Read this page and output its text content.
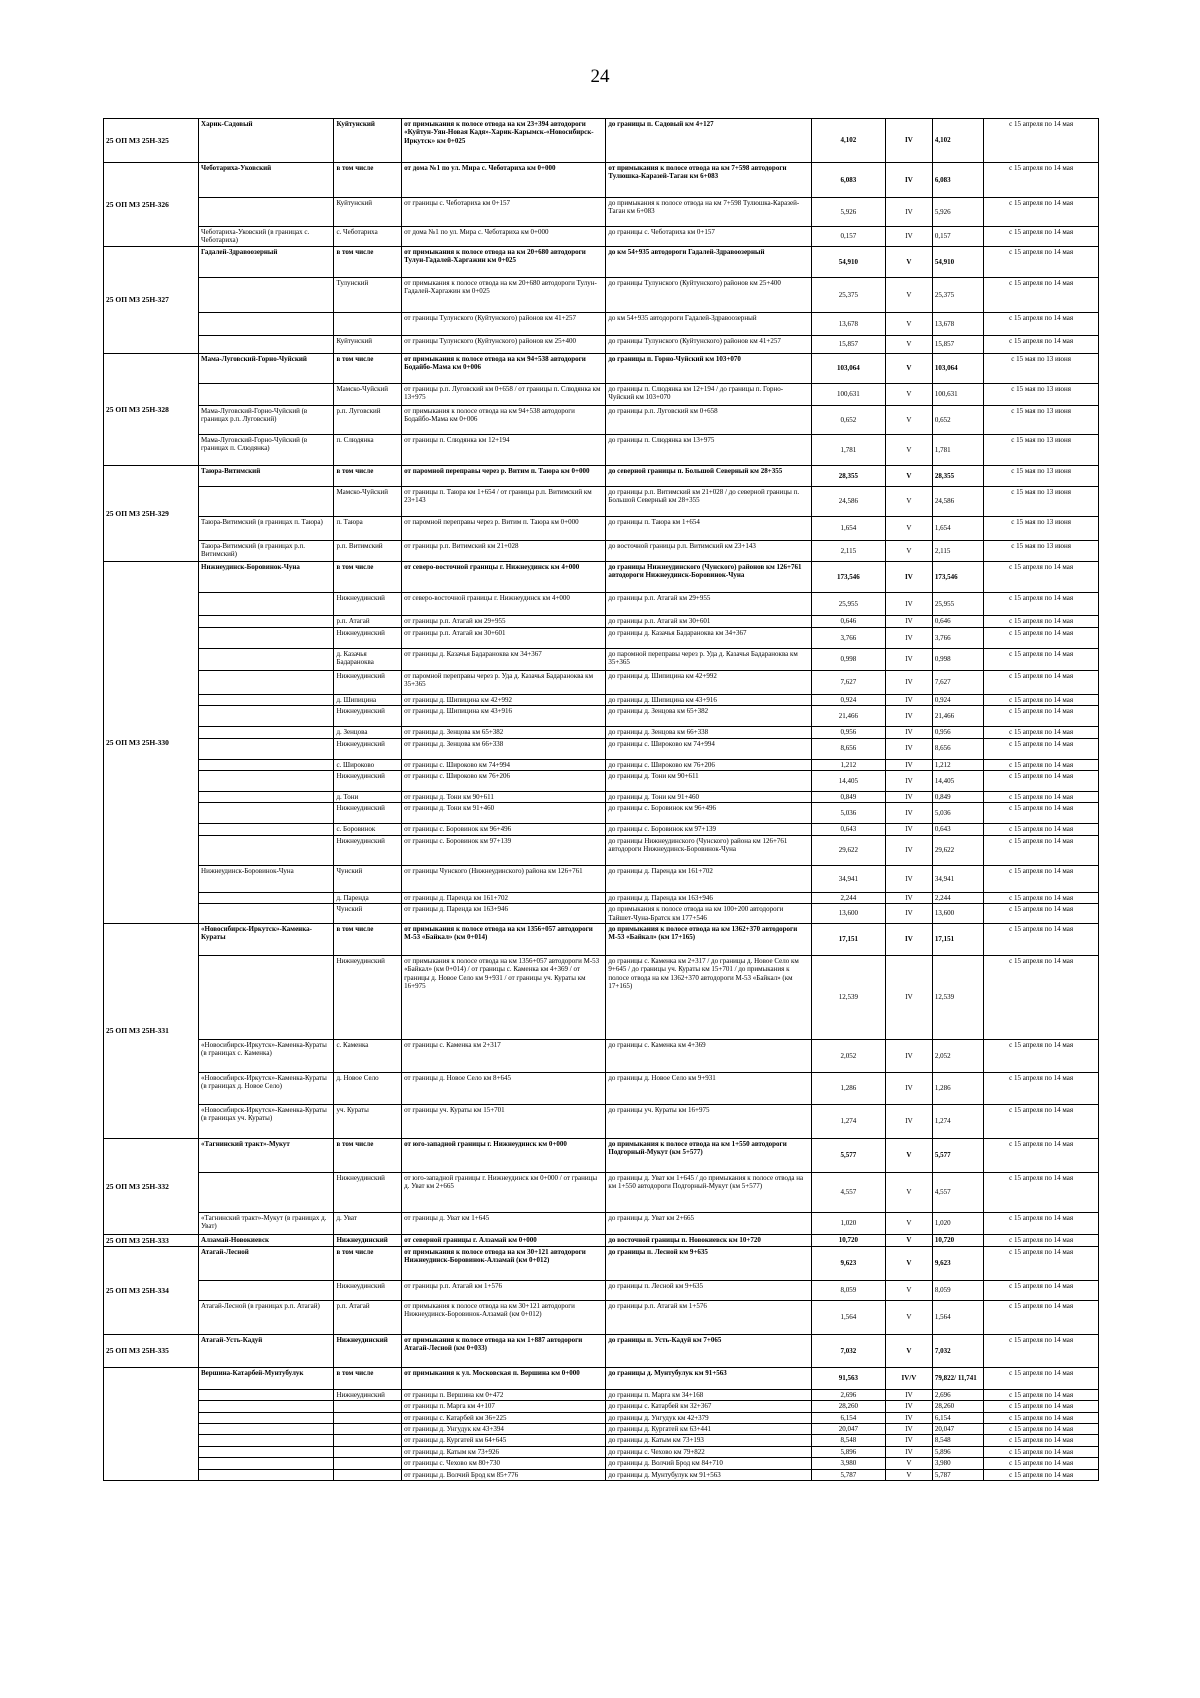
24
25 ОП МЗ 25Н-325	Харик-Садовый	Куйтунский	от примыкания к полосе отвода на км 23+394 автодороги «Куйтун-Уян-Новая Кадя»-Харик-Карымск-«Новосибирск-Иркутск» км 0+025	до границы п. Садовый км 4+127	4,102	IV	4,102	с 15 апреля по 14 мая
25 ОП МЗ 25Н-326	Чеботариха-Уковский	в том числе	от дома №1 по ул. Мира с. Чеботариха км 0+000	от примыкания к полосе отвода на км 7+598 автодороги Тулюшка-Каразей-Таган км 6+083	6,083	IV	6,083	с 15 апреля по 14 мая
		Куйтунский	от границы с. Чеботариха км 0+157	до примыкания к полосе отвода на км 7+598 Тулюшка-Каразей-Таган км 6+083	5,926	IV	5,926	с 15 апреля по 14 мая
	Чеботариха-Уковский (в границах с. Чеботариха)	с. Чеботариха	от дома №1 по ул. Мира с. Чеботариха км 0+000	до границы с. Чеботариха км 0+157	0,157	IV	0,157	с 15 апреля по 14 мая
25 ОП МЗ 25Н-327	Гадалей-Здравоозерный	в том числе	от примыкания к полосе отвода на км 20+680 автодороги Тулун-Гадалей-Харгажин км 0+025	до км 54+935 автодороги Гадалей-Здравоозерный	54,910	V	54,910	с 15 апреля по 14 мая
		Тулунский	от примыкания к полосе отвода на км 20+680 автодороги Тулун-Гадалей-Харгажин км 0+025	до границы Тулунского (Куйтунского) районов км 25+400	25,375	V	25,375	с 15 апреля по 14 мая
			от границы Тулунского (Куйтунского) районов км 41+257	до км 54+935 автодороги Гадалей-Здравоозерный	13,678	V	13,678	с 15 апреля по 14 мая
		Куйтунский	от границы Тулунского (Куйтунского) районов км 25+400	до границы Тулунского (Куйтунского) районов км 41+257	15,857	V	15,857	с 15 апреля по 14 мая
25 ОП МЗ 25Н-328	Мама-Луговский-Горно-Чуйский	в том числе	от примыкания к полосе отвода на км 94+538 автодороги Бодайбо-Мама км 0+006	до границы п. Горно-Чуйский км 103+070	103,064	V	103,064	с 15 мая по 13 июня
		Мамско-Чуйский	от границы р.п. Луговский км 0+658 / от границы п. Слюдянка км 13+975	до границы п. Слюдянка км 12+194 / до границы п. Горно-Чуйский км 103+070	100,631	V	100,631	с 15 мая по 13 июня
	Мама-Луговский-Горно-Чуйский (в границах р.п. Луговский)	р.п. Луговский	от примыкания к полосе отвода на км 94+538 автодороги Бодайбо-Мама км 0+006	до границы р.п. Луговский км 0+658	0,652	V	0,652	с 15 мая по 13 июня
	Мама-Луговский-Горно-Чуйский (в границах п. Слюдянка)	п. Слюдянка	от границы п. Слюдянка км 12+194	до границы п. Слюдянка км 13+975	1,781	V	1,781	с 15 мая по 13 июня
25 ОП МЗ 25Н-329	Таюра-Витимский	в том числе	от паромной переправы через р. Витим п. Таюра км 0+000	до северной границы п. Большой Северный км 28+355	28,355	V	28,355	с 15 мая по 13 июня
		Мамско-Чуйский	от границы п. Таюра км 1+654 / от границы р.п. Витимский км 23+143	до границы р.п. Витимский км 21+028 / до северной границы п. Большой Северный км 28+355	24,586	V	24,586	с 15 мая по 13 июня
	Таюра-Витимский (в границах п. Таюра)	п. Таюра	от паромной переправы через р. Витим п. Таюра км 0+000	до границы п. Таюра км 1+654	1,654	V	1,654	с 15 мая по 13 июня
	Таюра-Витимский (в границах р.п. Витимский)	р.п. Витимский	от границы р.п. Витимский км 21+028	до восточной границы р.п. Витимский км 23+143	2,115	V	2,115	с 15 мая по 13 июня
25 ОП МЗ 25Н-330	Нижнеудинск-Боровинок-Чуна	в том числе	от северо-восточной границы г. Нижнеудинск км 4+000	до границы Нижнеудинского (Чунского) районов км 126+761 автодороги Нижнеудинск-Боровинок-Чуна	173,546	IV	173,546	с 15 апреля по 14 мая
		Нижнеудинский	от северо-восточной границы г. Нижнеудинск км 4+000	до границы р.п. Атагай км 29+955	25,955	IV	25,955	с 15 апреля по 14 мая
		р.п. Атагай	от границы р.п. Атагай км 29+955	до границы р.п. Атагай км 30+601	0,646	IV	0,646	с 15 апреля по 14 мая
		Нижнеудинский	от границы р.п. Атагай км 30+601	до границы д. Казачья Бадараноква км 34+367	3,766	IV	3,766	с 15 апреля по 14 мая
		д. Казачья Бадараноква	от границы д. Казачья Бадараноква км 34+367	до паромной переправы через р. Уда д. Казачья Бадараноква км 35+365	0,998	IV	0,998	с 15 апреля по 14 мая
		Нижнеудинский	от паромной переправы через р. Уда д. Казачья Бадараноква км 35+365	до границы д. Шипицина км 42+992	7,627	IV	7,627	с 15 апреля по 14 мая
		д. Шипицина	от границы д. Шипицина км 42+992	до границы д. Шипицина км 43+916	0,924	IV	0,924	с 15 апреля по 14 мая
		Нижнеудинский	от границы д. Шипицина км 43+916	до границы д. Зенцова км 65+382	21,466	IV	21,466	с 15 апреля по 14 мая
		д. Зенцова	от границы д. Зенцова км 65+382	до границы д. Зенцова км 66+338	0,956	IV	0,956	с 15 апреля по 14 мая
		Нижнеудинский	от границы д. Зенцова км 66+338	до границы с. Широково км 74+994	8,656	IV	8,656	с 15 апреля по 14 мая
		с. Широково	от границы с. Широково км 74+994	до границы с. Широково км 76+206	1,212	IV	1,212	с 15 апреля по 14 мая
		Нижнеудинский	от границы с. Широково км 76+206	до границы д. Тони км 90+611	14,405	IV	14,405	с 15 апреля по 14 мая
		д. Тони	от границы д. Тони км 90+611	до границы д. Тони км 91+460	0,849	IV	0,849	с 15 апреля по 14 мая
		Нижнеудинский	от границы д. Тони км 91+460	до границы с. Боровинок км 96+496	5,036	IV	5,036	с 15 апреля по 14 мая
		с. Боровинок	от границы с. Боровинок км 96+496	до границы с. Боровинок км 97+139	0,643	IV	0,643	с 15 апреля по 14 мая
		Нижнеудинский	от границы с. Боровинок км 97+139	до границы Нижнеудинского (Чунского) района км 126+761 автодороги Нижнеудинск-Боровинок-Чуна	29,622	IV	29,622	с 15 апреля по 14 мая
	Нижнеудинск-Боровинок-Чуна	Чунский	от границы Чунского (Нижнеудинского) района км 126+761	до границы д. Паренда км 161+702	34,941	IV	34,941	с 15 апреля по 14 мая
		д. Паренда	от границы д. Паренда км 161+702	до границы д. Паренда км 163+946	2,244	IV	2,244	с 15 апреля по 14 мая
		Чунский	от границы д. Паренда км 163+946	до примыкания к полосе отвода на км 100+200 автодороги Тайшет-Чуна-Братск км 177+546	13,600	IV	13,600	с 15 апреля по 14 мая
25 ОП МЗ 25Н-331	«Новосибирск-Иркутск»-Каменка-Кураты	в том числе	от примыкания к полосе отвода на км 1356+057 автодороги М-53 «Байкал» (км 0+014)	до примыкания к полосе отвода на км 1362+370 автодороги М-53 «Байкал» (км 17+165)	17,151	IV	17,151	с 15 апреля по 14 мая
		Нижнеудинский	от примыкания к полосе отвода на км 1356+057 автодороги М-53 «Байкал» (км 0+014) / от границы с. Каменка км 4+369 / от границы д. Новое Село км 9+931 / от границы уч. Кураты км 16+975	до границы с. Каменка км 2+317 / до границы д. Новое Село км 9+645 / до границы уч. Кураты км 15+701 / до примыкания к полосе отвода на км 1362+370 автодороги М-53 «Байкал» (км 17+165)	12,539	IV	12,539	с 15 апреля по 14 мая
	«Новосибирск-Иркутск»-Каменка-Кураты (в границах с. Каменка)	с. Каменка	от границы с. Каменка км 2+317	до границы с. Каменка км 4+369	2,052	IV	2,052	с 15 апреля по 14 мая
	«Новосибирск-Иркутск»-Каменка-Кураты (в границах д. Новое Село)	д. Новое Село	от границы д. Новое Село км 8+645	до границы д. Новое Село км 9+931	1,286	IV	1,286	с 15 апреля по 14 мая
	«Новосибирск-Иркутск»-Каменка-Кураты (в границах уч. Кураты)	уч. Кураты	от границы уч. Кураты км 15+701	до границы уч. Кураты км 16+975	1,274	IV	1,274	с 15 апреля по 14 мая
25 ОП МЗ 25Н-332	«Тагнинский тракт»-Мукут	в том числе	от юго-западной границы г. Нижнеудинск км 0+000	до примыкания к полосе отвода на км 1+550 автодороги Подгорный-Мукут (км 5+577)	5,577	V	5,577	с 15 апреля по 14 мая
		Нижнеудинский	от юго-западной границы г. Нижнеудинск км 0+000 / от границы д. Уват км 2+665	до границы д. Уват км 1+645 / до примыкания к полосе отвода на км 1+550 автодороги Подгорный-Мукут (км 5+577)	4,557	V	4,557	с 15 апреля по 14 мая
	«Тагнинский тракт»-Мукут (в границах д. Уват)	д. Уват	от границы д. Уват км 1+645	до границы д. Уват км 2+665	1,020	V	1,020	с 15 апреля по 14 мая
25 ОП МЗ 25Н-333	Алзамай-Новокиевск	Нижнеудинский	от северной границы г. Алзамай км 0+000	до восточной границы п. Новокиевск км 10+720	10,720	V	10,720	с 15 апреля по 14 мая
25 ОП МЗ 25Н-334	Атагай-Лесной	в том числе	от примыкания к полосе отвода на км 30+121 автодороги Нижнеудинск-Боровинок-Алзамай (км 0+012)	до границы п. Лесной км 9+635	9,623	V	9,623	с 15 апреля по 14 мая
		Нижнеудинский	от границы р.п. Атагай км 1+576	до границы п. Лесной км 9+635	8,059	V	8,059	с 15 апреля по 14 мая
	Атагай-Лесной (в границах р.п. Атагай)	р.п. Атагай	от примыкания к полосе отвода на км 30+121 автодороги Нижнеудинск-Боровинок-Алзамай (км 0+012)	до границы р.п. Атагай км 1+576	1,564	V	1,564	с 15 апреля по 14 мая
25 ОП МЗ 25Н-335	Атагай-Усть-Кадуй	Нижнеудинский	от примыкания к полосе отвода на км 1+887 автодороги Атагай-Лесной (км 0+033)	до границы п. Усть-Кадуй км 7+065	7,032	V	7,032	с 15 апреля по 14 мая
	Вершина-Катарбей-Мунтубулук	в том числе	от примыкания к ул. Московская п. Вершина км 0+000	до границы д. Мунтубулук км 91+563	91,563	IV/V	79,822/ 11,741	с 15 апреля по 14 мая
		Нижнеудинский	от границы п. Вершина км 0+472	до границы п. Марга км 34+168	2,696	IV	2,696	с 15 апреля по 14 мая
			от границы п. Марга км 4+107	до границы с. Катарбей км 32+367	28,260	IV	28,260	с 15 апреля по 14 мая
			от границы с. Катарбей км 36+225	до границы д. Унгудук км 42+379	6,154	IV	6,154	с 15 апреля по 14 мая
			от границы д. Унгудук км 43+394	до границы д. Кургатей км 63+441	20,047	IV	20,047	с 15 апреля по 14 мая
			от границы д. Кургатей км 64+645	до границы д. Катым км 73+193	8,548	IV	8,548	с 15 апреля по 14 мая
			от границы д. Катым км 73+926	до границы с. Чехово км 79+822	5,896	IV	5,896	с 15 апреля по 14 мая
			от границы с. Чехово км 80+730	до границы д. Волчий Брод км 84+710	3,980	V	3,980	с 15 апреля по 14 мая
			от границы д. Волчий Брод км 85+776	до границы д. Мунтубулук км 91+563	5,787	V	5,787	с 15 апреля по 14 мая
